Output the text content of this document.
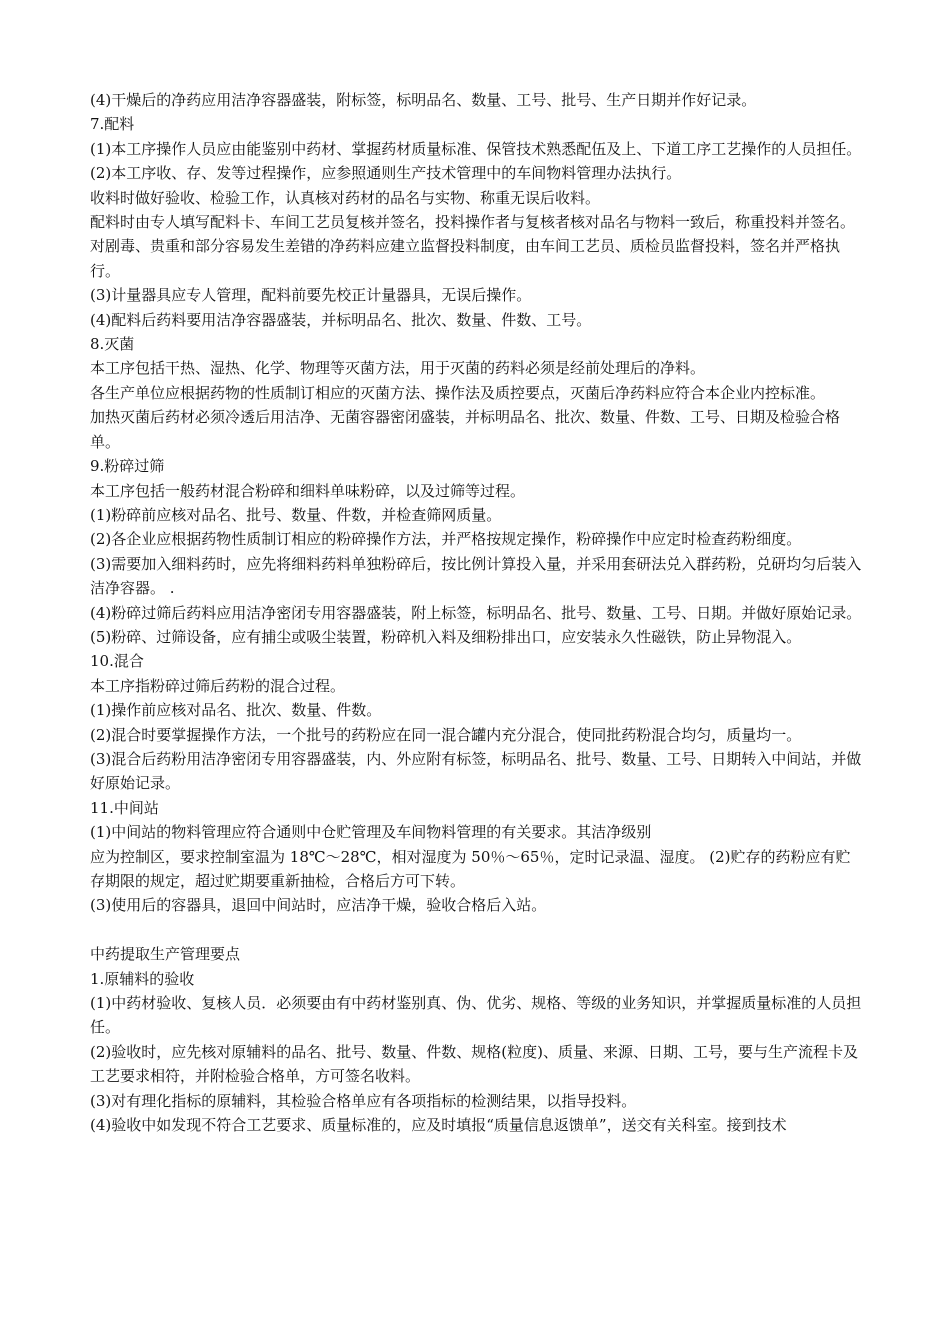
(4)干燥后的净药应用洁净容器盛装，附标签，标明品名、数量、工号、批号、生产日期并作好记录。

7.配料

(1)本工序操作人员应由能鉴别中药材、掌握药材质量标准、保管技术熟悉配伍及上、下道工序工艺操作的人员担任。

(2)本工序收、存、发等过程操作，应参照通则生产技术管理中的车间物料管理办法执行。

收料时做好验收、检验工作，认真核对药材的品名与实物、称重无误后收料。

配料时由专人填写配料卡、车间工艺员复核并签名，投料操作者与复核者核对品名与物料一致后，称重投料并签名。对剧毒、贵重和部分容易发生差错的净药料应建立监督投料制度，由车间工艺员、质检员监督投料，签名并严格执行。

(3)计量器具应专人管理，配料前要先校正计量器具，无误后操作。

(4)配料后药料要用洁净容器盛装，并标明品名、批次、数量、件数、工号。

8.灭菌

本工序包括干热、湿热、化学、物理等灭菌方法，用于灭菌的药料必须是经前处理后的净料。

各生产单位应根据药物的性质制订相应的灭菌方法、操作法及质控要点，灭菌后净药料应符合本企业内控标准。

加热灭菌后药材必须冷透后用洁净、无菌容器密闭盛装，并标明品名、批次、数量、件数、工号、日期及检验合格单。

9.粉碎过筛

本工序包括一般药材混合粉碎和细料单味粉碎，以及过筛等过程。

(1)粉碎前应核对品名、批号、数量、件数，并检查筛网质量。

(2)各企业应根据药物性质制订相应的粉碎操作方法，并严格按规定操作，粉碎操作中应定时检查药粉细度。

(3)需要加入细料药时，应先将细料药料单独粉碎后，按比例计算投入量，并采用套研法兑入群药粉，兑研均匀后装入洁净容器。 .

(4)粉碎过筛后药料应用洁净密闭专用容器盛装，附上标签，标明品名、批号、数量、工号、日期。并做好原始记录。

(5)粉碎、过筛设备，应有捕尘或吸尘装置，粉碎机入料及细粉排出口，应安装永久性磁铁，防止异物混入。

10.混合

本工序指粉碎过筛后药粉的混合过程。

(1)操作前应核对品名、批次、数量、件数。

(2)混合时要掌握操作方法，一个批号的药粉应在同一混合罐内充分混合，使同批药粉混合均匀，质量均一。

(3)混合后药粉用洁净密闭专用容器盛装，内、外应附有标签，标明品名、批号、数量、工号、日期转入中间站，并做好原始记录。

11.中间站

(1)中间站的物料管理应符合通则中仓贮管理及车间物料管理的有关要求。其洁净级别

应为控制区，要求控制室温为 18℃～28℃，相对湿度为 50％～65％，定时记录温、湿度。 (2)贮存的药粉应有贮存期限的规定，超过贮期要重新抽检，合格后方可下转。

(3)使用后的容器具，退回中间站时，应洁净干燥，验收合格后入站。

中药提取生产管理要点

1.原辅料的验收

(1)中药材验收、复核人员．必须要由有中药材鉴别真、伪、优劣、规格、等级的业务知识，并掌握质量标准的人员担任。

(2)验收时，应先核对原辅料的品名、批号、数量、件数、规格(粒度)、质量、来源、日期、工号，要与生产流程卡及工艺要求相符，并附检验合格单，方可签名收料。

(3)对有理化指标的原辅料，其检验合格单应有各项指标的检测结果，以指导投料。

(4)验收中如发现不符合工艺要求、质量标准的，应及时填报“质量信息返馈单”，送交有关科室。接到技术
